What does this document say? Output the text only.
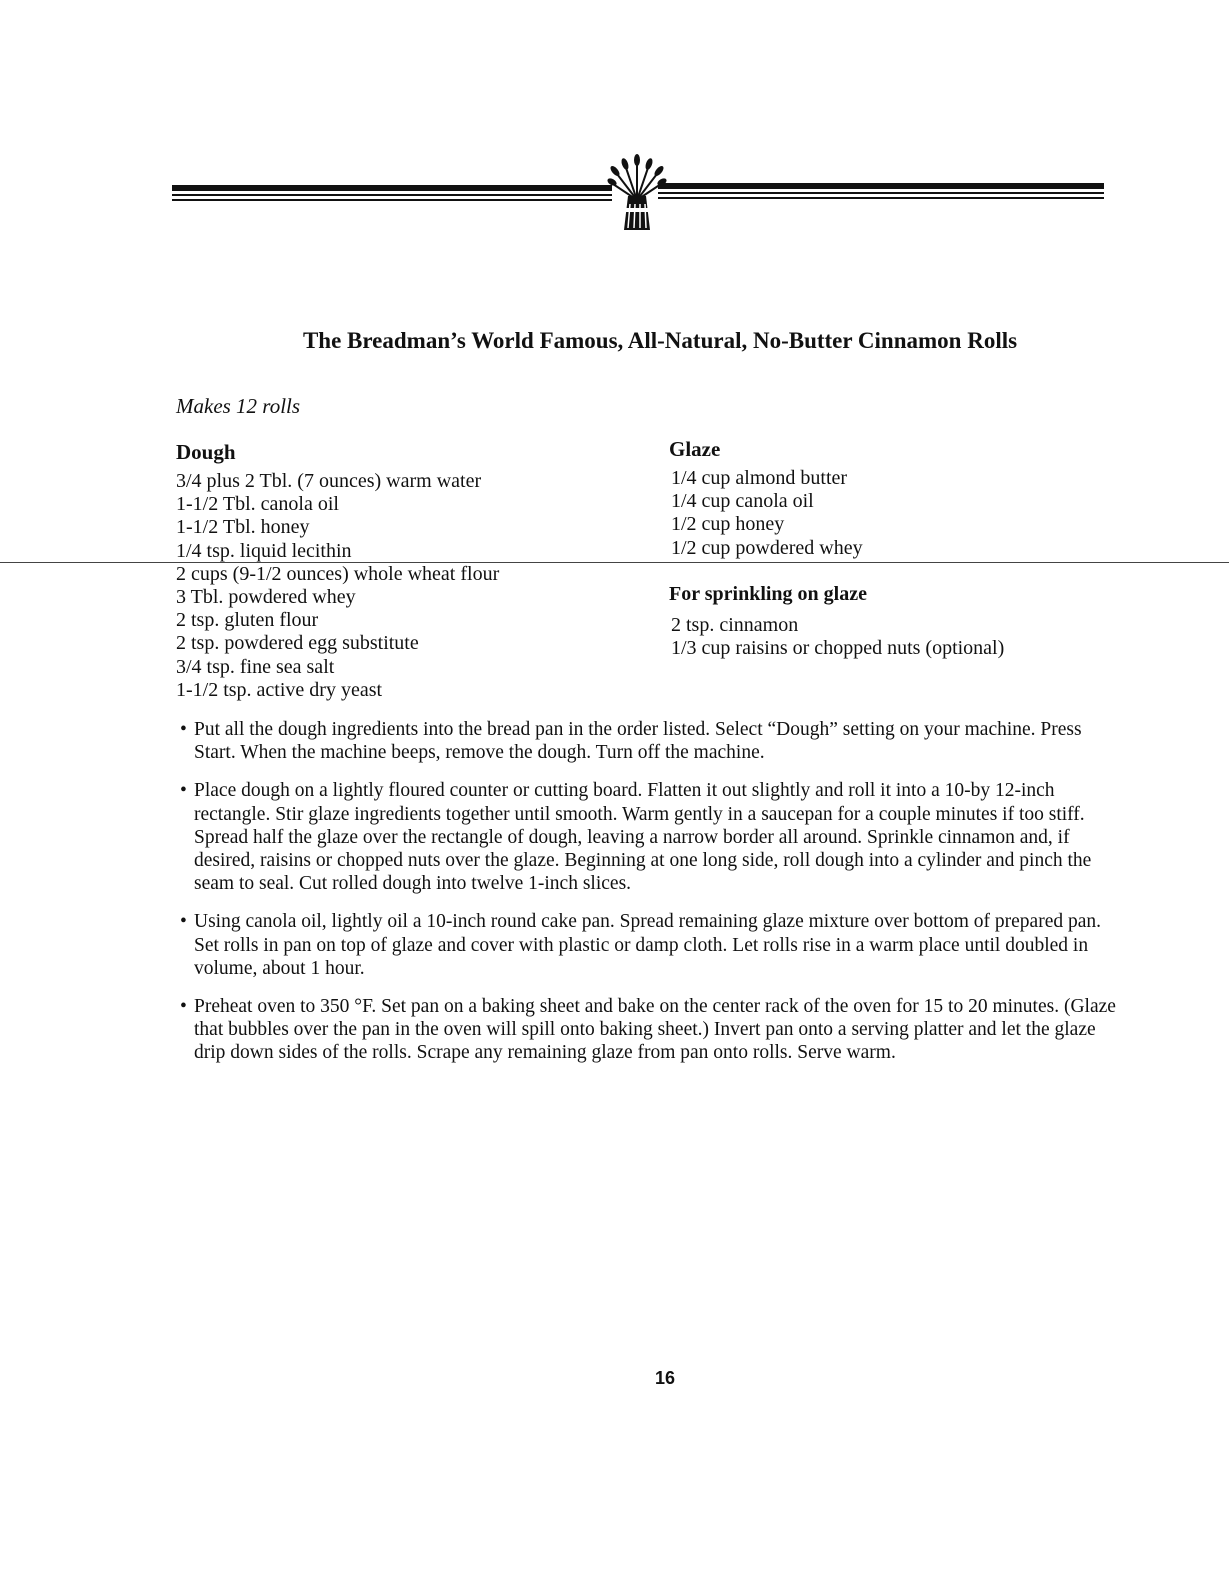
The Breadman’s World Famous, All-Natural, No-Butter Cinnamon Rolls
Makes 12 rolls
Dough
3/4 plus 2 Tbl. (7 ounces) warm water
1-1/2 Tbl. canola oil
1-1/2 Tbl. honey
1/4 tsp. liquid lecithin
2 cups (9-1/2 ounces) whole wheat flour
3 Tbl. powdered whey
2 tsp. gluten flour
2 tsp. powdered egg substitute
3/4 tsp. fine sea salt
1-1/2 tsp. active dry yeast
Glaze
1/4 cup almond butter
1/4 cup canola oil
1/2 cup honey
1/2 cup powdered whey
For sprinkling on glaze
2 tsp. cinnamon
1/3 cup raisins or chopped nuts (optional)
• Put all the dough ingredients into the bread pan in the order listed. Select “Dough” setting on your machine. Press Start. When the machine beeps, remove the dough. Turn off the machine.
• Place dough on a lightly floured counter or cutting board. Flatten it out slightly and roll it into a 10-by 12-inch rectangle. Stir glaze ingredients together until smooth. Warm gently in a saucepan for a couple minutes if too stiff. Spread half the glaze over the rectangle of dough, leaving a narrow border all around. Sprinkle cinnamon and, if desired, raisins or chopped nuts over the glaze. Beginning at one long side, roll dough into a cylinder and pinch the seam to seal. Cut rolled dough into twelve 1-inch slices.
• Using canola oil, lightly oil a 10-inch round cake pan. Spread remaining glaze mixture over bottom of prepared pan. Set rolls in pan on top of glaze and cover with plastic or damp cloth. Let rolls rise in a warm place until doubled in volume, about 1 hour.
• Preheat oven to 350 °F. Set pan on a baking sheet and bake on the center rack of the oven for 15 to 20 minutes. (Glaze that bubbles over the pan in the oven will spill onto baking sheet.) Invert pan onto a serving platter and let the glaze drip down sides of the rolls. Scrape any remaining glaze from pan onto rolls. Serve warm.
16
